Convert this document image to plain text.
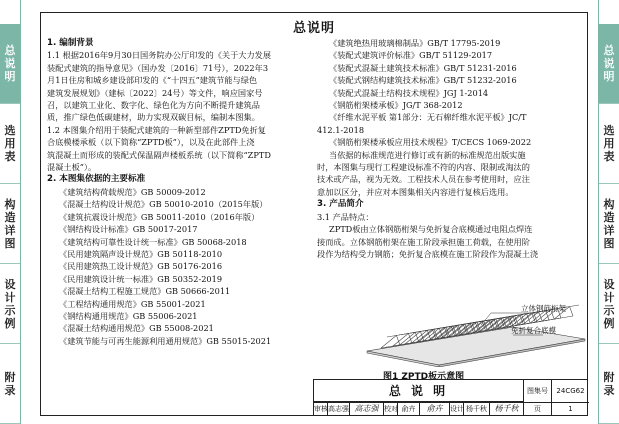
总说明
选用表
构造详图
设计示例
附录
总说明
选用表
构造详图
设计示例
附录
总说明
1. 编制背景
1.1 根据2016年9月30日国务院办公厅印发的《关于大力发展
装配式建筑的指导意见》（国办发〔2016〕71号），2022年3
月1日住房和城乡建设部印发的《“十四五”建筑节能与绿色
建筑发展规划》（建标〔2022〕24号）等文件，响应国家号
召，以建筑工业化、数字化、绿色化为方向不断提升建筑品
质，推广绿色低碳建材，助力实现双碳目标，编制本图集。
1.2 本图集介绍用于装配式建筑的一种新型部件ZPTD免折复
合底模楼承板（以下简称“ZPTD板”），以及在此部件上浇
筑混凝土而形成的装配式保温隔声楼板系统（以下简称“ZPTD
混凝土板”）。
2. 本图集依据的主要标准
《建筑结构荷载规范》GB 50009-2012
《混凝土结构设计规范》GB 50010-2010（2015年版）
《建筑抗震设计规范》GB 50011-2010（2016年版）
《钢结构设计标准》GB 50017-2017
《建筑结构可靠性设计统一标准》GB 50068-2018
《民用建筑隔声设计规范》GB 50118-2010
《民用建筑热工设计规范》GB 50176-2016
《民用建筑设计统一标准》GB 50352-2019
《混凝土结构工程施工规范》GB 50666-2011
《工程结构通用规范》GB 55001-2021
《钢结构通用规范》GB 55006-2021
《混凝土结构通用规范》GB 55008-2021
《建筑节能与可再生能源利用通用规范》GB 55015-2021
《建筑绝热用玻璃棉制品》GB/T 17795-2019
《装配式建筑评价标准》GB/T 51129-2017
《装配式混凝土建筑技术标准》GB/T 51231-2016
《装配式钢结构建筑技术标准》GB/T 51232-2016
《装配式混凝土结构技术规程》JGJ 1-2014
《钢筋桁架楼承板》JG/T 368-2012
《纤维水泥平板 第1部分：无石棉纤维水泥平板》JC/T
412.1-2018
《钢筋桁架楼承板应用技术规程》T/CECS 1069-2022
当依据的标准规范进行修订或有新的标准规范出版实施
时，本图集与现行工程建设标准不符的内容、限制或淘汰的
技术或产品，视为无效。工程技术人员在参考使用时，应注
意加以区分，并应对本图集相关内容进行复核后选用。
3. 产品简介
3.1 产品特点：
ZPTD板由立体钢筋桁架与免折复合底模通过电阻点焊连
接而成。立体钢筋桁架在施工阶段承担施工荷载，在使用阶
段作为结构受力钢筋；免折复合底模在施工阶段作为混凝土浇
立体钢筋桁架
免折复合底模
图1 ZPTD板示意图
总 说 明	图集号	24CG62
审核 高志强 高志强 校对 俞卉	俞卉	设计 杨千秋 杨千秋	页	1
